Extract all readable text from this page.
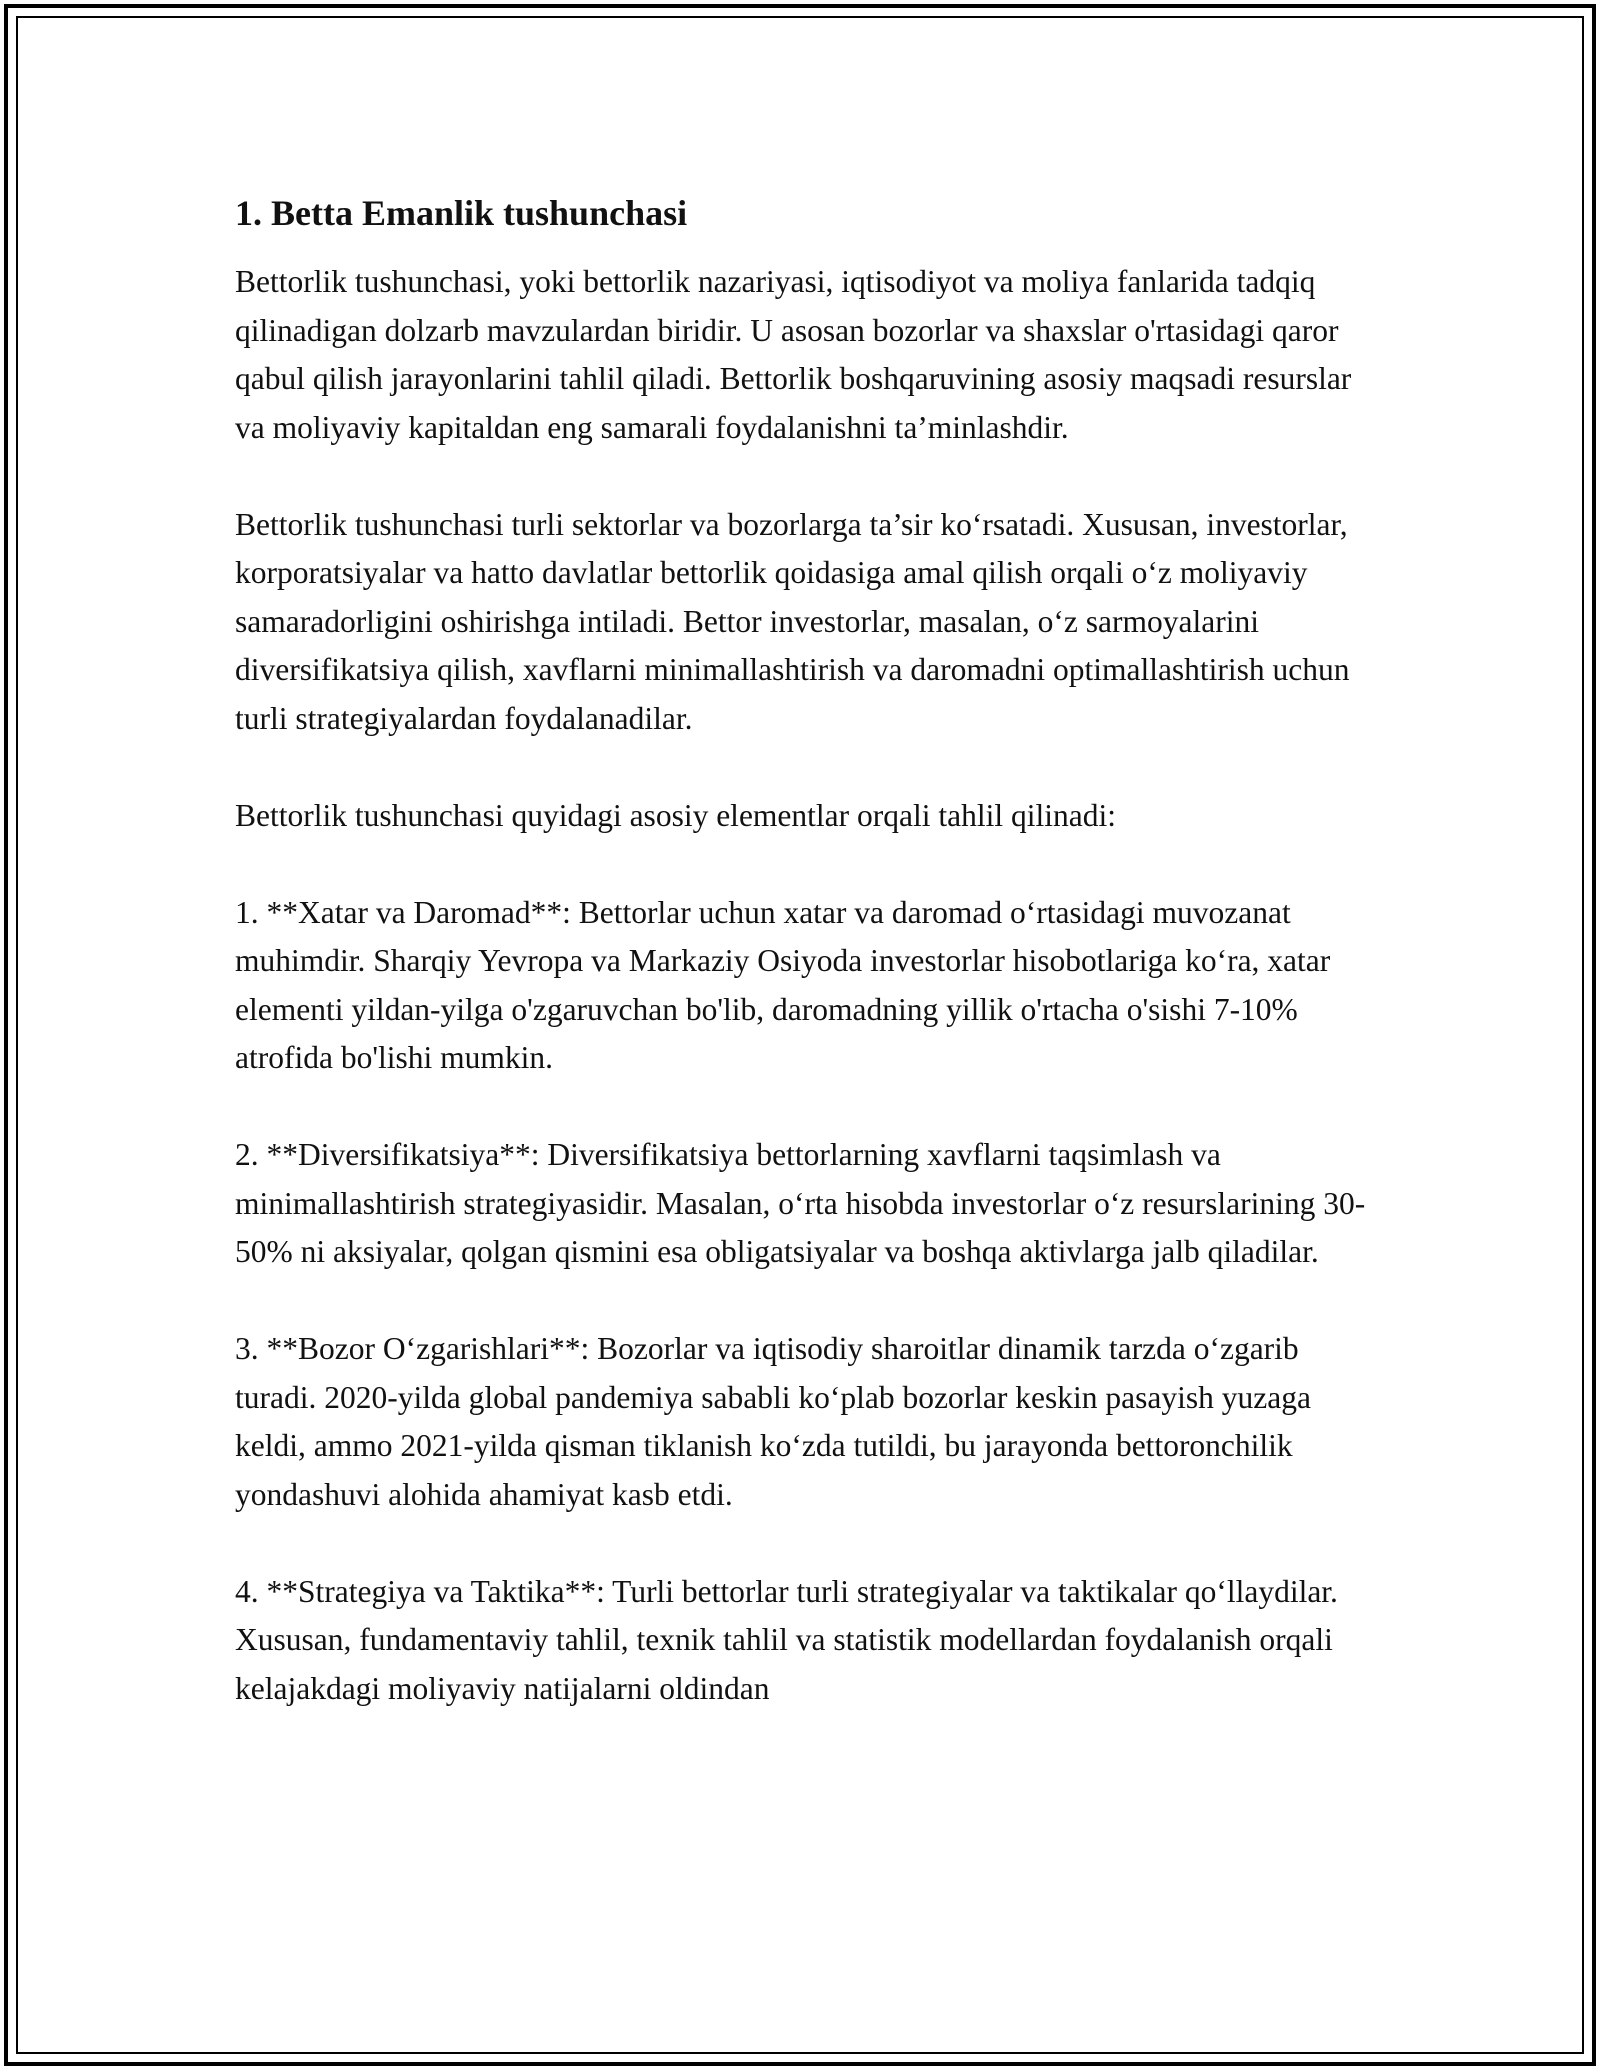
1. Betta Emanlik tushunchasi

Bettorlik tushunchasi, yoki bettorlik nazariyasi, iqtisodiyot va moliya fanlarida tadqiq qilinadigan dolzarb mavzulardan biridir. U asosan bozorlar va shaxslar o'rtasidagi qaror qabul qilish jarayonlarini tahlil qiladi. Bettorlik boshqaruvining asosiy maqsadi resurslar va moliyaviy kapitaldan eng samarali foydalanishni ta’minlashdir.

Bettorlik tushunchasi turli sektorlar va bozorlarga ta’sir ko‘rsatadi. Xususan, investorlar, korporatsiyalar va hatto davlatlar bettorlik qoidasiga amal qilish orqali o‘z moliyaviy samaradorligini oshirishga intiladi. Bettor investorlar, masalan, o‘z sarmoyalarini diversifikatsiya qilish, xavflarni minimallashtirish va daromadni optimallashtirish uchun turli strategiyalardan foydalanadilar.

Bettorlik tushunchasi quyidagi asosiy elementlar orqali tahlil qilinadi:

1. **Xatar va Daromad**: Bettorlar uchun xatar va daromad o‘rtasidagi muvozanat muhimdir. Sharqiy Yevropa va Markaziy Osiyoda investorlar hisobotlariga ko‘ra, xatar elementi yildan-yilga o'zgaruvchan bo'lib, daromadning yillik o'rtacha o'sishi 7-10% atrofida bo'lishi mumkin.

2. **Diversifikatsiya**: Diversifikatsiya bettorlarning xavflarni taqsimlash va minimallashtirish strategiyasidir. Masalan, o‘rta hisobda investorlar o‘z resurslarining 30-50% ni aksiyalar, qolgan qismini esa obligatsiyalar va boshqa aktivlarga jalb qiladilar.

3. **Bozor O‘zgarishlari**: Bozorlar va iqtisodiy sharoitlar dinamik tarzda o‘zgarib turadi. 2020-yilda global pandemiya sababli ko‘plab bozorlar keskin pasayish yuzaga keldi, ammo 2021-yilda qisman tiklanish ko‘zda tutildi, bu jarayonda bettoronchilik yondashuvi alohida ahamiyat kasb etdi.

4. **Strategiya va Taktika**: Turli bettorlar turli strategiyalar va taktikalar qo‘llaydilar. Xususan, fundamentaviy tahlil, texnik tahlil va statistik modellardan foydalanish orqali kelajakdagi moliyaviy natijalarni oldindan
